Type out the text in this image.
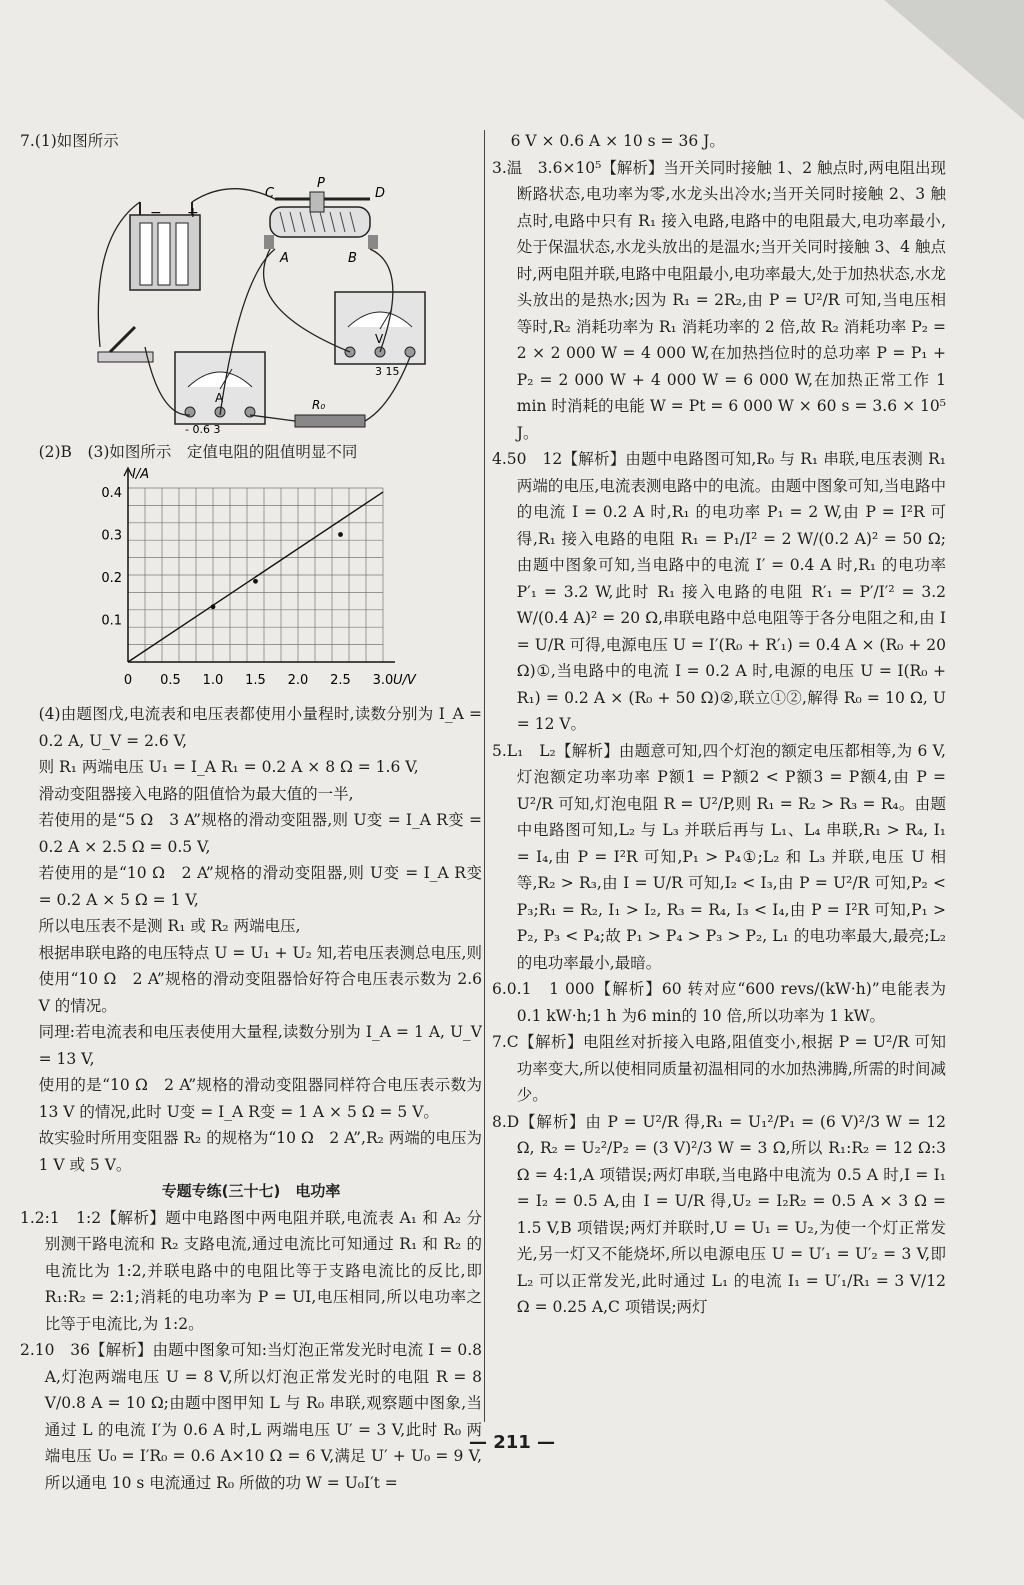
7.(1)如图所示

− +
C
P
D
A	B
A
- 0.6 3
V
3 15
R₀

(2)B　(3)如图所示　定值电阻的阻值明显不同

I/A
U/V
0 0.5 1.0 1.5 2.0 2.5 3.0
0.1
0.2
0.3
0.4

(4)由题图戊,电流表和电压表都使用小量程时,读数分别为 I_A = 0.2 A, U_V = 2.6 V,

则 R₁ 两端电压 U₁ = I_A R₁ = 0.2 A × 8 Ω = 1.6 V,

滑动变阻器接入电路的阻值恰为最大值的一半,

若使用的是“5 Ω　3 A”规格的滑动变阻器,则 U变 = I_A R变 = 0.2 A × 2.5 Ω = 0.5 V,

若使用的是“10 Ω　2 A”规格的滑动变阻器,则 U变 = I_A R变 = 0.2 A × 5 Ω = 1 V,

所以电压表不是测 R₁ 或 R₂ 两端电压,

根据串联电路的电压特点 U = U₁ + U₂ 知,若电压表测总电压,则使用“10 Ω　2 A”规格的滑动变阻器恰好符合电压表示数为 2.6 V 的情况。

同理:若电流表和电压表使用大量程,读数分别为 I_A = 1 A, U_V = 13 V,

使用的是“10 Ω　2 A”规格的滑动变阻器同样符合电压表示数为 13 V 的情况,此时 U变 = I_A R变 = 1 A × 5 Ω = 5 V。

故实验时所用变阻器 R₂ 的规格为“10 Ω　2 A”,R₂ 两端的电压为 1 V 或 5 V。

专题专练(三十七)　电功率

1.2:1　1:2【解析】题中电路图中两电阻并联,电流表 A₁ 和 A₂ 分别测干路电流和 R₂ 支路电流,通过电流比可知通过 R₁ 和 R₂ 的电流比为 1:2,并联电路中的电阻比等于支路电流比的反比,即 R₁:R₂ = 2:1;消耗的电功率为 P = UI,电压相同,所以电功率之比等于电流比,为 1:2。

2.10　36【解析】由题中图象可知:当灯泡正常发光时电流 I = 0.8 A,灯泡两端电压 U = 8 V,所以灯泡正常发光时的电阻 R = 8 V/0.8 A = 10 Ω;由题中图甲知 L 与 R₀ 串联,观察题中图象,当通过 L 的电流 I′为 0.6 A 时,L 两端电压 U′ = 3 V,此时 R₀ 两端电压 U₀ = I′R₀ = 0.6 A×10 Ω = 6 V,满足 U′ + U₀ = 9 V,所以通电 10 s 电流通过 R₀ 所做的功 W = U₀I′t =

6 V × 0.6 A × 10 s = 36 J。

3.温　3.6×10⁵【解析】当开关同时接触 1、2 触点时,两电阻出现断路状态,电功率为零,水龙头出冷水;当开关同时接触 2、3 触点时,电路中只有 R₁ 接入电路,电路中的电阻最大,电功率最小,处于保温状态,水龙头放出的是温水;当开关同时接触 3、4 触点时,两电阻并联,电路中电阻最小,电功率最大,处于加热状态,水龙头放出的是热水;因为 R₁ = 2R₂,由 P = U²/R 可知,当电压相等时,R₂ 消耗功率为 R₁ 消耗功率的 2 倍,故 R₂ 消耗功率 P₂ = 2 × 2 000 W = 4 000 W,在加热挡位时的总功率 P = P₁ + P₂ = 2 000 W + 4 000 W = 6 000 W,在加热正常工作 1 min 时消耗的电能 W = Pt = 6 000 W × 60 s = 3.6 × 10⁵ J。

4.50　12【解析】由题中电路图可知,R₀ 与 R₁ 串联,电压表测 R₁ 两端的电压,电流表测电路中的电流。由题中图象可知,当电路中的电流 I = 0.2 A 时,R₁ 的电功率 P₁ = 2 W,由 P = I²R 可得,R₁ 接入电路的电阻 R₁ = P₁/I² = 2 W/(0.2 A)² = 50 Ω;由题中图象可知,当电路中的电流 I′ = 0.4 A 时,R₁ 的电功率 P′₁ = 3.2 W,此时 R₁ 接入电路的电阻 R′₁ = P′/I′² = 3.2 W/(0.4 A)² = 20 Ω,串联电路中总电阻等于各分电阻之和,由 I = U/R 可得,电源电压 U = I′(R₀ + R′₁) = 0.4 A × (R₀ + 20 Ω)①,当电路中的电流 I = 0.2 A 时,电源的电压 U = I(R₀ + R₁) = 0.2 A × (R₀ + 50 Ω)②,联立①②,解得 R₀ = 10 Ω, U = 12 V。

5.L₁　L₂【解析】由题意可知,四个灯泡的额定电压都相等,为 6 V,灯泡额定功率功率 P额1 = P额2 < P额3 = P额4,由 P = U²/R 可知,灯泡电阻 R = U²/P,则 R₁ = R₂ > R₃ = R₄。由题中电路图可知,L₂ 与 L₃ 并联后再与 L₁、L₄ 串联,R₁ > R₄, I₁ = I₄,由 P = I²R 可知,P₁ > P₄①;L₂ 和 L₃ 并联,电压 U 相等,R₂ > R₃,由 I = U/R 可知,I₂ < I₃,由 P = U²/R 可知,P₂ < P₃;R₁ = R₂, I₁ > I₂, R₃ = R₄, I₃ < I₄,由 P = I²R 可知,P₁ > P₂, P₃ < P₄;故 P₁ > P₄ > P₃ > P₂, L₁ 的电功率最大,最亮;L₂ 的电功率最小,最暗。

6.0.1　1 000【解析】60 转对应“600 revs/(kW·h)”电能表为 0.1 kW·h;1 h 为6 min的 10 倍,所以功率为 1 kW。

7.C【解析】电阻丝对折接入电路,阻值变小,根据 P = U²/R 可知功率变大,所以使相同质量初温相同的水加热沸腾,所需的时间减少。

8.D【解析】由 P = U²/R 得,R₁ = U₁²/P₁ = (6 V)²/3 W = 12 Ω, R₂ = U₂²/P₂ = (3 V)²/3 W = 3 Ω,所以 R₁:R₂ = 12 Ω:3 Ω = 4:1,A 项错误;两灯串联,当电路中电流为 0.5 A 时,I = I₁ = I₂ = 0.5 A,由 I = U/R 得,U₂ = I₂R₂ = 0.5 A × 3 Ω = 1.5 V,B 项错误;两灯并联时,U = U₁ = U₂,为使一个灯正常发光,另一灯又不能烧坏,所以电源电压 U = U′₁ = U′₂ = 3 V,即 L₂ 可以正常发光,此时通过 L₁ 的电流 I₁ = U′₁/R₁ = 3 V/12 Ω = 0.25 A,C 项错误;两灯

— 211 —
